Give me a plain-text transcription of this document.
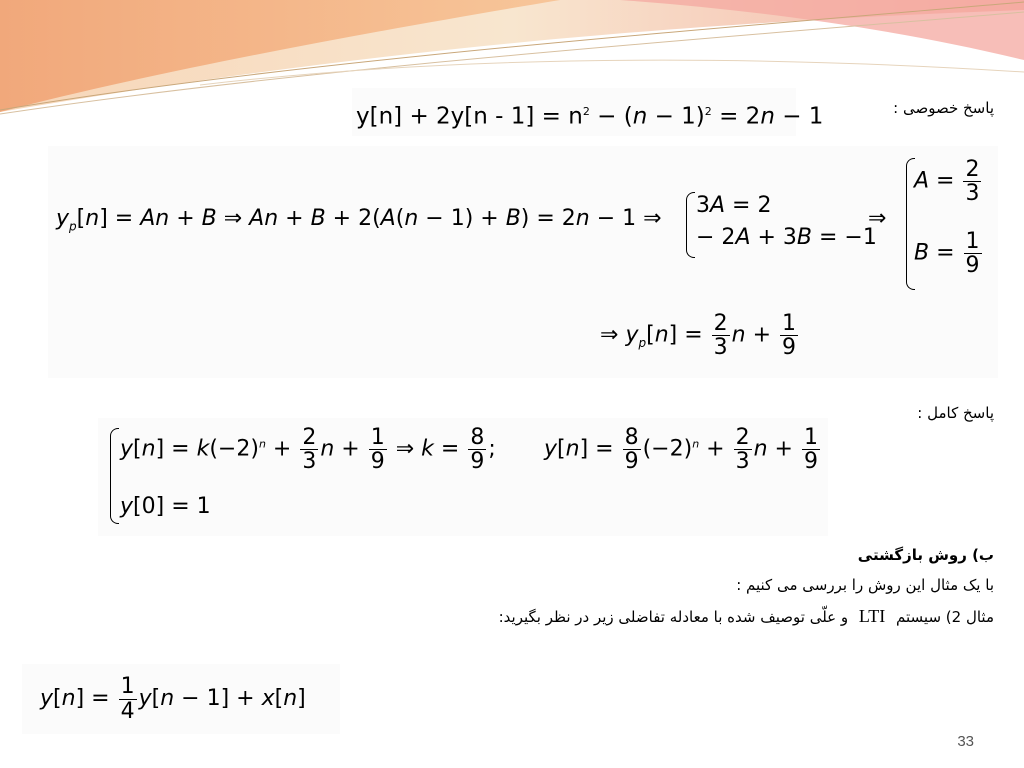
پاسخ خصوصی :
$y[n] + 2y[n - 1] = n^2 - (n - 1)^2 = 2n - 1$
$y_p[n] = An + B$ ⇒ An + B + 2(A(n − 1) + B) = 2n − 1 ⇒
3A = 2
− 2A + 3B = −1
⇒
$A = \frac{2}{3}$
$B = \frac{1}{9}$
⇒ $y_p[n] = \frac{2}{3}$ $n + \frac{1}{9}$
پاسخ کامل :
$y[n] = k(-2)^n + \frac{2}{3}$ $n + \frac{1}{9}$ ⇒ $k = \frac{8}{9}$ ; $y[n] = \frac{8}{9} (-2)^n + \frac{2}{3}$ $n + \frac{1}{9}$
y[0] = 1
ب) روش بازگشتی
با یک مثال این روش را بررسی می کنیم :
مثال 2) سیستم LTI و علّی توصیف شده با معادله تفاضلی زیر در نظر بگیرید:
$y[n] = \frac{1}{4} y[n - 1] + x[n]$
33
